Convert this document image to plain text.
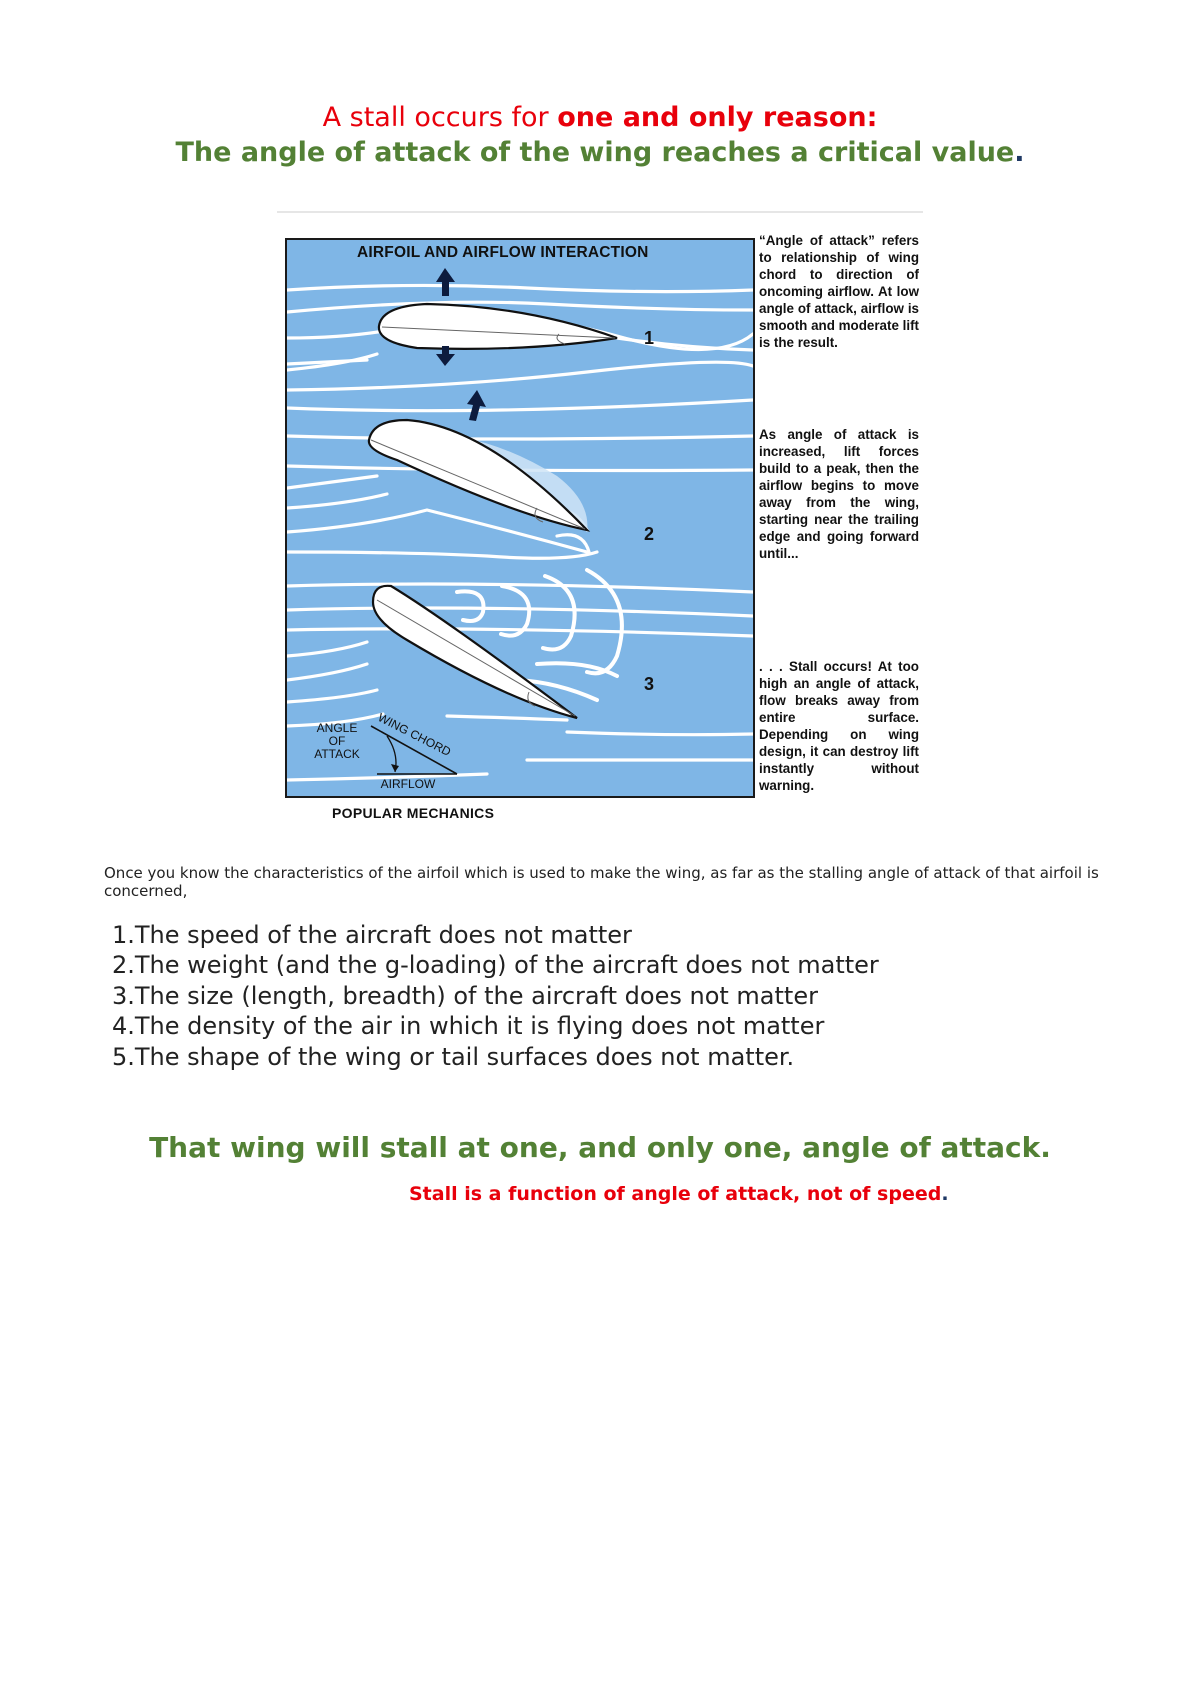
A stall occurs for one and only reason:
The angle of attack of the wing reaches a critical value.
1
2
3
ANGLE
OF
ATTACK
AIRFLOW
WING CHORD
AIRFOIL AND AIRFLOW INTERACTION
“Angle of attack” refers to relationship of wing chord to direction of oncoming airflow. At low angle of attack, airflow is smooth and moderate lift is the result.
As angle of attack is increased, lift forces build to a peak, then the airflow begins to move away from the wing, starting near the trailing edge and going forward until...
. . . Stall occurs! At too high an angle of attack, flow breaks away from entire surface. Depending on wing design, it can destroy lift instantly without warning.
POPULAR MECHANICS

Once you know the characteristics of the airfoil which is used to make the wing, as far as the stalling angle of attack of that airfoil is concerned,

1.The speed of the aircraft does not matter
2.The weight (and the g-loading) of the aircraft does not matter
3.The size (length, breadth) of the aircraft does not matter
4.The density of the air in which it is flying does not matter
5.The shape of the wing or tail surfaces does not matter.

That wing will stall at one, and only one, angle of attack.

Stall is a function of angle of attack, not of speed.
